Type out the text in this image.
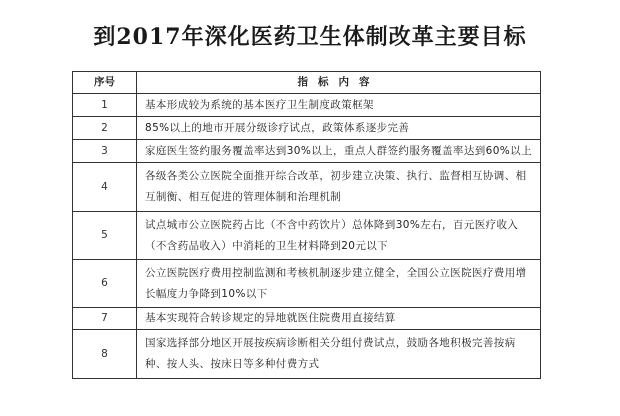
到2017年深化医药卫生体制改革主要目标
序号	指标内容
1	基本形成较为系统的基本医疗卫生制度政策框架
2	85%以上的地市开展分级诊疗试点，政策体系逐步完善
3	家庭医生签约服务覆盖率达到30%以上，重点人群签约服务覆盖率达到60%以上
4	各级各类公立医院全面推开综合改革，初步建立决策、执行、监督相互协调、相互制衡、相互促进的管理体制和治理机制
5	试点城市公立医院药占比（不含中药饮片）总体降到30%左右，百元医疗收入（不含药品收入）中消耗的卫生材料降到20元以下
6	公立医院医疗费用控制监测和考核机制逐步建立健全，全国公立医院医疗费用增长幅度力争降到10%以下
7	基本实现符合转诊规定的异地就医住院费用直接结算
8	国家选择部分地区开展按疾病诊断相关分组付费试点，鼓励各地积极完善按病种、按人头、按床日等多种付费方式
